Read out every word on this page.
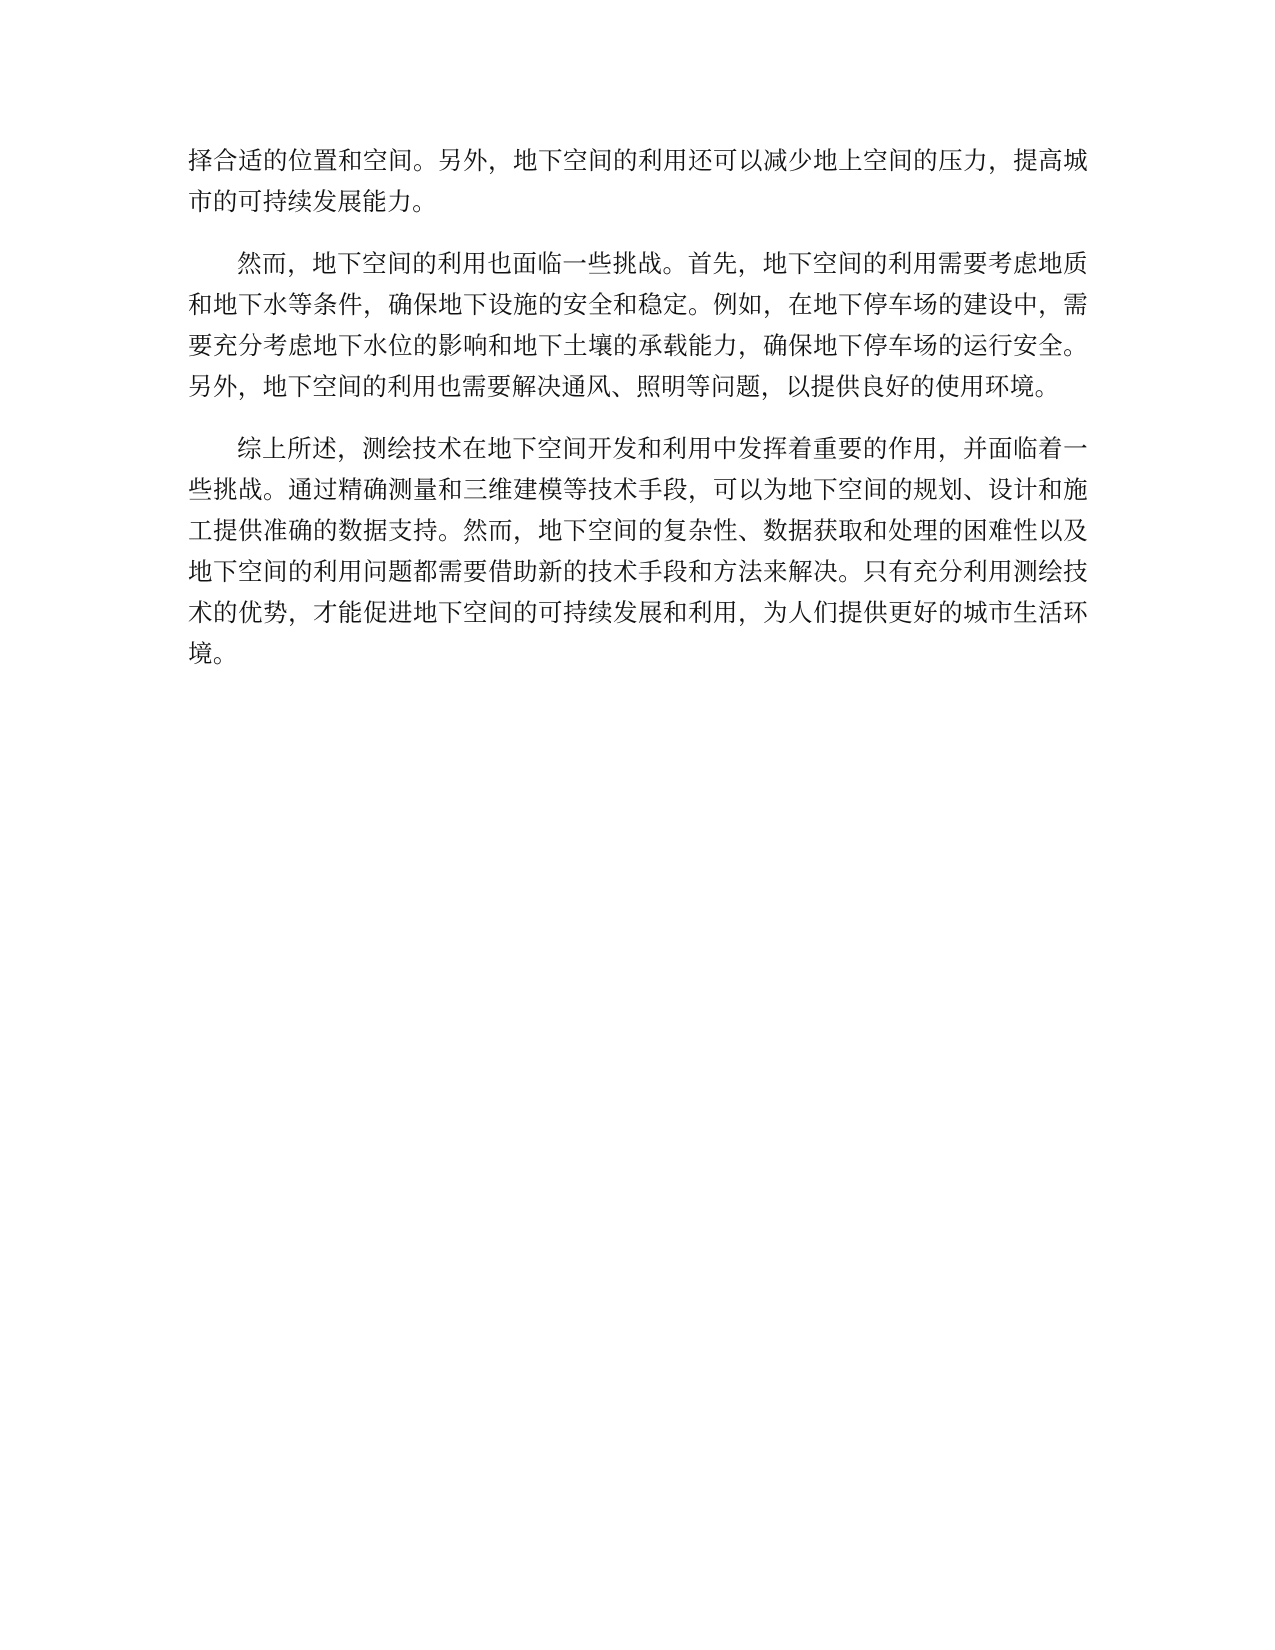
择合适的位置和空间。另外，地下空间的利用还可以减少地上空间的压力，提高城市的可持续发展能力。

然而，地下空间的利用也面临一些挑战。首先，地下空间的利用需要考虑地质和地下水等条件，确保地下设施的安全和稳定。例如，在地下停车场的建设中，需要充分考虑地下水位的影响和地下土壤的承载能力，确保地下停车场的运行安全。另外，地下空间的利用也需要解决通风、照明等问题，以提供良好的使用环境。

综上所述，测绘技术在地下空间开发和利用中发挥着重要的作用，并面临着一些挑战。通过精确测量和三维建模等技术手段，可以为地下空间的规划、设计和施工提供准确的数据支持。然而，地下空间的复杂性、数据获取和处理的困难性以及地下空间的利用问题都需要借助新的技术手段和方法来解决。只有充分利用测绘技术的优势，才能促进地下空间的可持续发展和利用，为人们提供更好的城市生活环境。
